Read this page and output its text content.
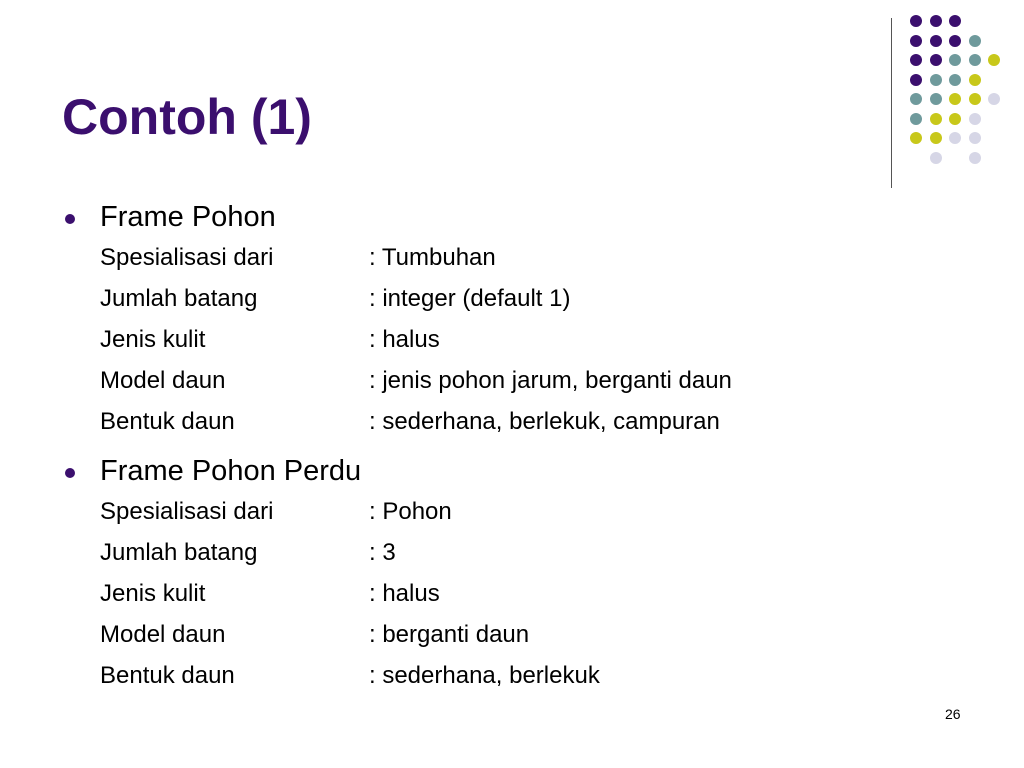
Contoh (1)
Frame Pohon
Spesialisasi dari	: Tumbuhan
Jumlah batang	: integer (default 1)
Jenis kulit	: halus
Model daun	: jenis pohon jarum, berganti daun
Bentuk daun	: sederhana, berlekuk, campuran
Frame Pohon Perdu
Spesialisasi dari	: Pohon
Jumlah batang	: 3
Jenis kulit	: halus
Model daun	: berganti daun
Bentuk daun	: sederhana, berlekuk
26
